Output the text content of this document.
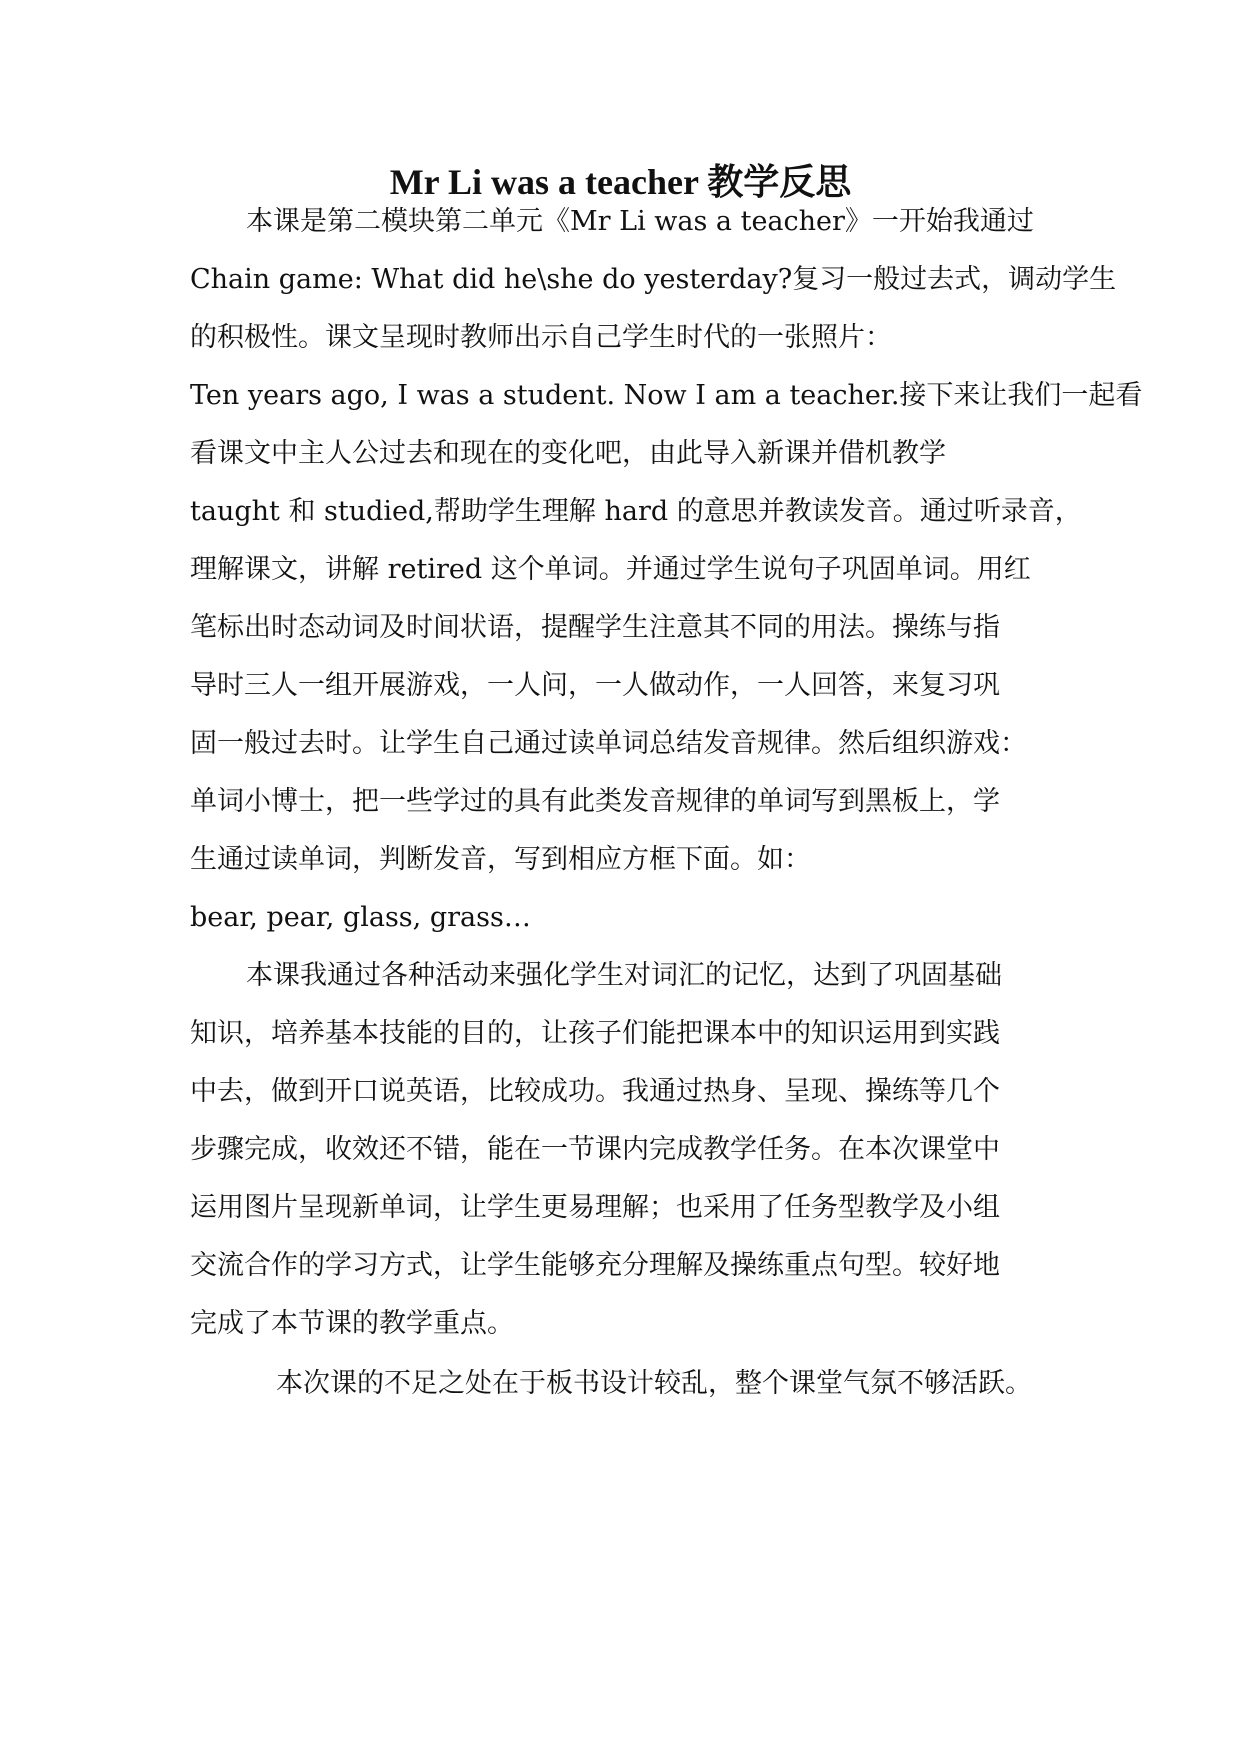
Mr Li was a teacher 教学反思

本课是第二模块第二单元《Mr Li was a teacher》一开始我通过

Chain game: What did he\she do yesterday?复习一般过去式，调动学生

的积极性。课文呈现时教师出示自己学生时代的一张照片：

Ten years ago, I was a student. Now I am a teacher.接下来让我们一起看

看课文中主人公过去和现在的变化吧，由此导入新课并借机教学

taught 和 studied,帮助学生理解 hard 的意思并教读发音。通过听录音，

理解课文，讲解 retired 这个单词。并通过学生说句子巩固单词。用红

笔标出时态动词及时间状语，提醒学生注意其不同的用法。操练与指

导时三人一组开展游戏，一人问，一人做动作，一人回答，来复习巩

固一般过去时。让学生自己通过读单词总结发音规律。然后组织游戏：

单词小博士，把一些学过的具有此类发音规律的单词写到黑板上，学

生通过读单词，判断发音，写到相应方框下面。如：

bear, pear, glass, grass…

本课我通过各种活动来强化学生对词汇的记忆，达到了巩固基础

知识，培养基本技能的目的，让孩子们能把课本中的知识运用到实践

中去，做到开口说英语，比较成功。我通过热身、呈现、操练等几个

步骤完成，收效还不错，能在一节课内完成教学任务。在本次课堂中

运用图片呈现新单词，让学生更易理解；也采用了任务型教学及小组

交流合作的学习方式，让学生能够充分理解及操练重点句型。较好地

完成了本节课的教学重点。

本次课的不足之处在于板书设计较乱，整个课堂气氛不够活跃。
